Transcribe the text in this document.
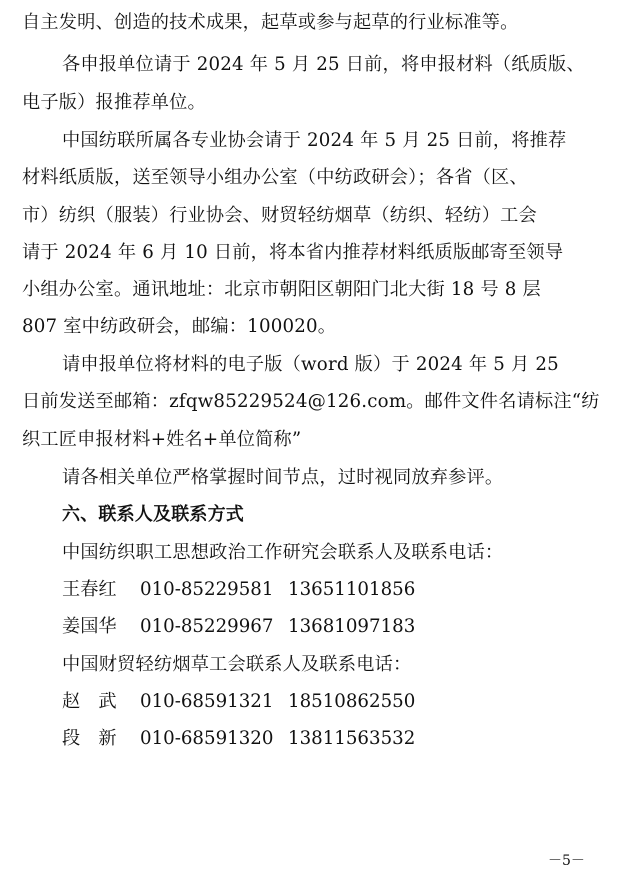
自主发明、创造的技术成果，起草或参与起草的行业标准等。
各申报单位请于 2024 年 5 月 25 日前，将申报材料（纸质版、
电子版）报推荐单位。
中国纺联所属各专业协会请于 2024 年 5 月 25 日前，将推荐
材料纸质版，送至领导小组办公室（中纺政研会）；各省（区、
市）纺织（服装）行业协会、财贸轻纺烟草（纺织、轻纺）工会
请于 2024 年 6 月 10 日前，将本省内推荐材料纸质版邮寄至领导
小组办公室。通讯地址：北京市朝阳区朝阳门北大街 18 号 8 层
807 室中纺政研会，邮编：100020。
请申报单位将材料的电子版（word 版）于 2024 年 5 月 25
日前发送至邮箱：zfqw85229524@126.com。邮件文件名请标注“纺
织工匠申报材料+姓名+单位简称”
请各相关单位严格掌握时间节点，过时视同放弃参评。
六、联系人及联系方式
中国纺织职工思想政治工作研究会联系人及联系电话：
王春红 010-85229581 13651101856
姜国华 010-85229967 13681097183
中国财贸轻纺烟草工会联系人及联系电话：
赵　武 010-68591321 18510862550
段　新 010-68591320 13811563532
－5－
